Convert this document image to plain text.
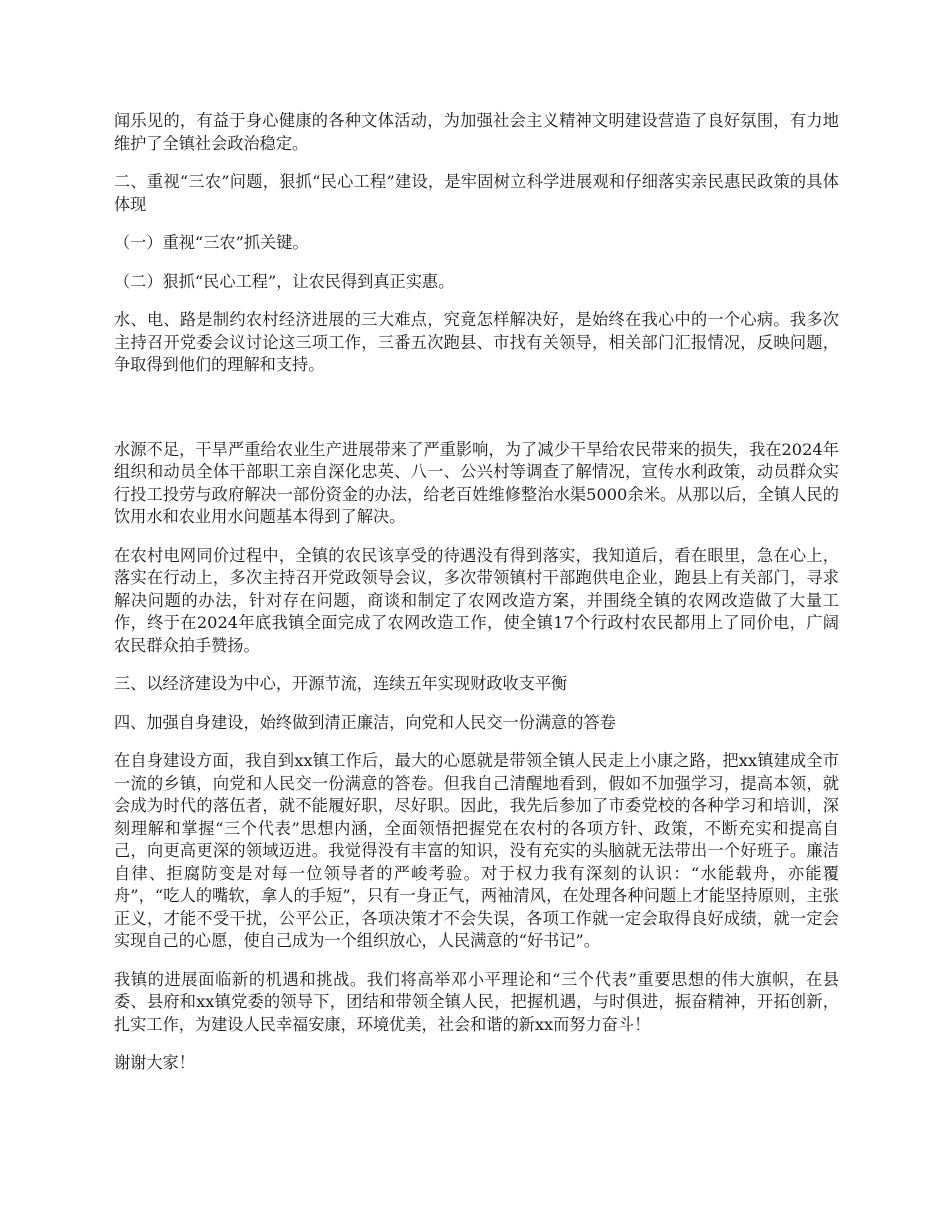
闻乐见的，有益于身心健康的各种文体活动，为加强社会主义精神文明建设营造了良好氛围，有力地维护了全镇社会政治稳定。

二、重视“三农”问题，狠抓“民心工程”建设，是牢固树立科学进展观和仔细落实亲民惠民政策的具体体现

（一）重视“三农”抓关键。

（二）狠抓“民心工程”，让农民得到真正实惠。

水、电、路是制约农村经济进展的三大难点，究竟怎样解决好，是始终在我心中的一个心病。我多次主持召开党委会议讨论这三项工作，三番五次跑县、市找有关领导，相关部门汇报情况，反映问题，争取得到他们的理解和支持。

水源不足，干旱严重给农业生产进展带来了严重影响，为了减少干旱给农民带来的损失，我在2024年组织和动员全体干部职工亲自深化忠英、八一、公兴村等调查了解情况，宣传水利政策，动员群众实行投工投劳与政府解决一部份资金的办法，给老百姓维修整治水渠5000余米。从那以后，全镇人民的饮用水和农业用水问题基本得到了解决。

在农村电网同价过程中，全镇的农民该享受的待遇没有得到落实，我知道后，看在眼里，急在心上，落实在行动上，多次主持召开党政领导会议，多次带领镇村干部跑供电企业，跑县上有关部门，寻求解决问题的办法，针对存在问题，商谈和制定了农网改造方案，并围绕全镇的农网改造做了大量工作，终于在2024年底我镇全面完成了农网改造工作，使全镇17个行政村农民都用上了同价电，广阔农民群众拍手赞扬。

三、以经济建设为中心，开源节流，连续五年实现财政收支平衡

四、加强自身建设，始终做到清正廉洁，向党和人民交一份满意的答卷

在自身建设方面，我自到xx镇工作后，最大的心愿就是带领全镇人民走上小康之路，把xx镇建成全市一流的乡镇，向党和人民交一份满意的答卷。但我自己清醒地看到，假如不加强学习，提高本领，就会成为时代的落伍者，就不能履好职，尽好职。因此，我先后参加了市委党校的各种学习和培训，深刻理解和掌握“三个代表”思想内涵，全面领悟把握党在农村的各项方针、政策，不断充实和提高自己，向更高更深的领域迈进。我觉得没有丰富的知识，没有充实的头脑就无法带出一个好班子。廉洁自律、拒腐防变是对每一位领导者的严峻考验。对于权力我有深刻的认识：“水能载舟，亦能覆舟”，“吃人的嘴软，拿人的手短”，只有一身正气，两袖清风，在处理各种问题上才能坚持原则，主张正义，才能不受干扰，公平公正，各项决策才不会失误，各项工作就一定会取得良好成绩，就一定会实现自己的心愿，使自己成为一个组织放心，人民满意的“好书记”。

我镇的进展面临新的机遇和挑战。我们将高举邓小平理论和“三个代表”重要思想的伟大旗帜，在县委、县府和xx镇党委的领导下，团结和带领全镇人民，把握机遇，与时俱进，振奋精神，开拓创新，扎实工作，为建设人民幸福安康，环境优美，社会和谐的新xx而努力奋斗！

谢谢大家！
